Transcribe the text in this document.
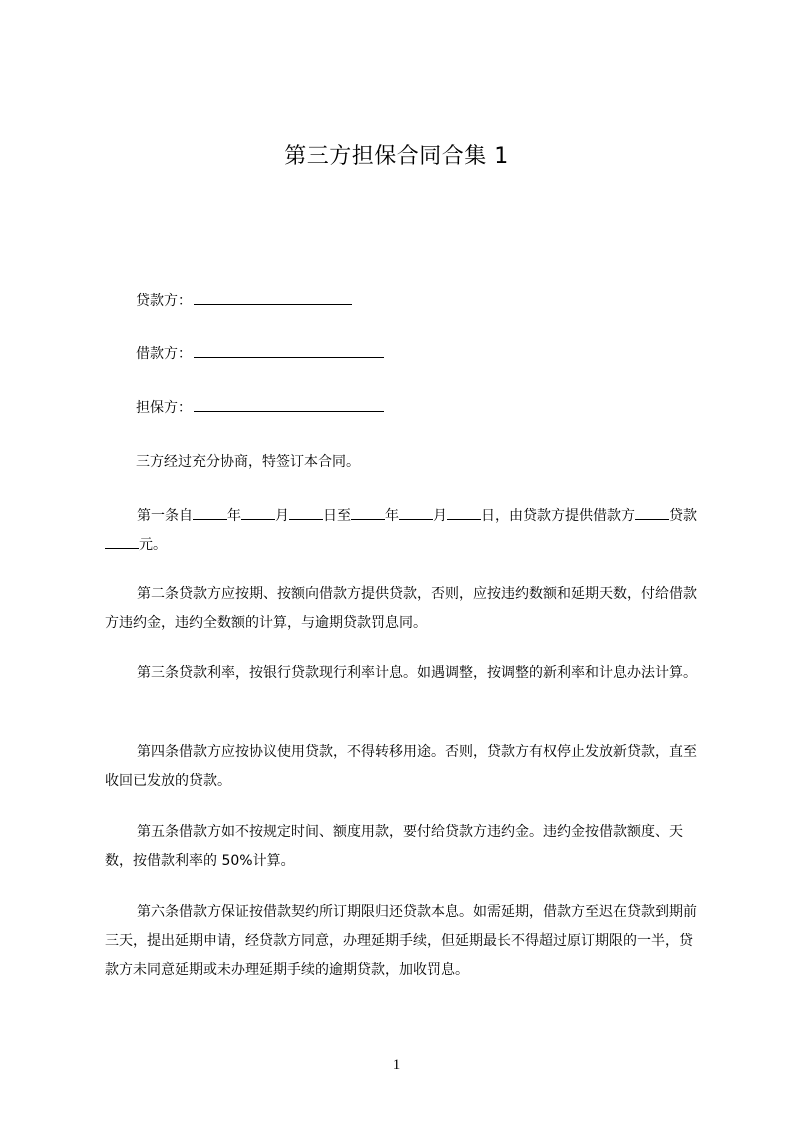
第三方担保合同合集 1
贷款方：
借款方：
担保方：

三方经过充分协商，特签订本合同。

第一条自 年 月 日至 年 月 日，由贷款方提供借款方 贷款元。

第二条贷款方应按期、按额向借款方提供贷款，否则，应按违约数额和延期天数，付给借款方违约金，违约全数额的计算，与逾期贷款罚息同。

第三条贷款利率，按银行贷款现行利率计息。如遇调整，按调整的新利率和计息办法计算。

第四条借款方应按协议使用贷款，不得转移用途。否则，贷款方有权停止发放新贷款，直至收回已发放的贷款。

第五条借款方如不按规定时间、额度用款，要付给贷款方违约金。违约金按借款额度、天数，按借款利率的 50%计算。

第六条借款方保证按借款契约所订期限归还贷款本息。如需延期，借款方至迟在贷款到期前三天，提出延期申请，经贷款方同意，办理延期手续，但延期最长不得超过原订期限的一半，贷款方未同意延期或未办理延期手续的逾期贷款，加收罚息。

1
